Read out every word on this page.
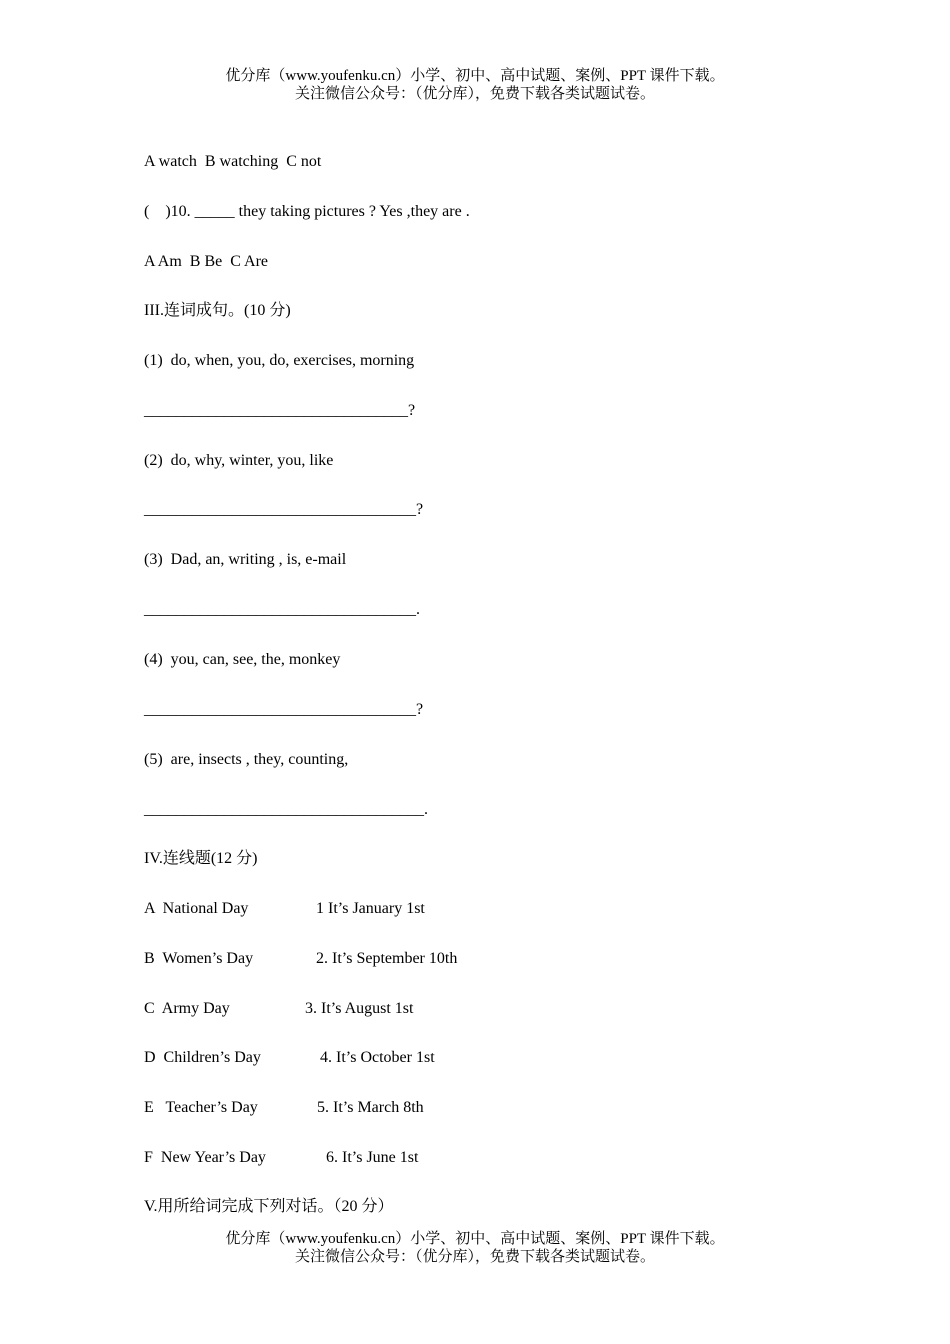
优分库（www.youfenku.cn）小学、初中、高中试题、案例、PPT 课件下载。
关注微信公众号：（优分库），免费下载各类试题试卷。
A watch  B watching  C not
(    )10. _____ they taking pictures ? Yes ,they are .
A Am  B Be  C Are
III.连词成句。(10 分)
(1)  do, when, you, do, exercises, morning
_________________________________?
(2)  do, why, winter, you, like
__________________________________?
(3)  Dad, an, writing , is, e-mail
__________________________________.
(4)  you, can, see, the, monkey
__________________________________?
(5)  are, insects , they, counting,
___________________________________.
IV.连线题(12 分)
A  National Day	1 It’s January 1st
B  Women’s Day	2. It’s September 10th
C  Army Day	3. It’s August 1st
D  Children’s Day	4. It’s October 1st
E   Teacher’s Day	5. It’s March 8th
F  New Year’s Day	6. It’s June 1st
V.用所给词完成下列对话。（20 分）
优分库（www.youfenku.cn）小学、初中、高中试题、案例、PPT 课件下载。
关注微信公众号：（优分库），免费下载各类试题试卷。
